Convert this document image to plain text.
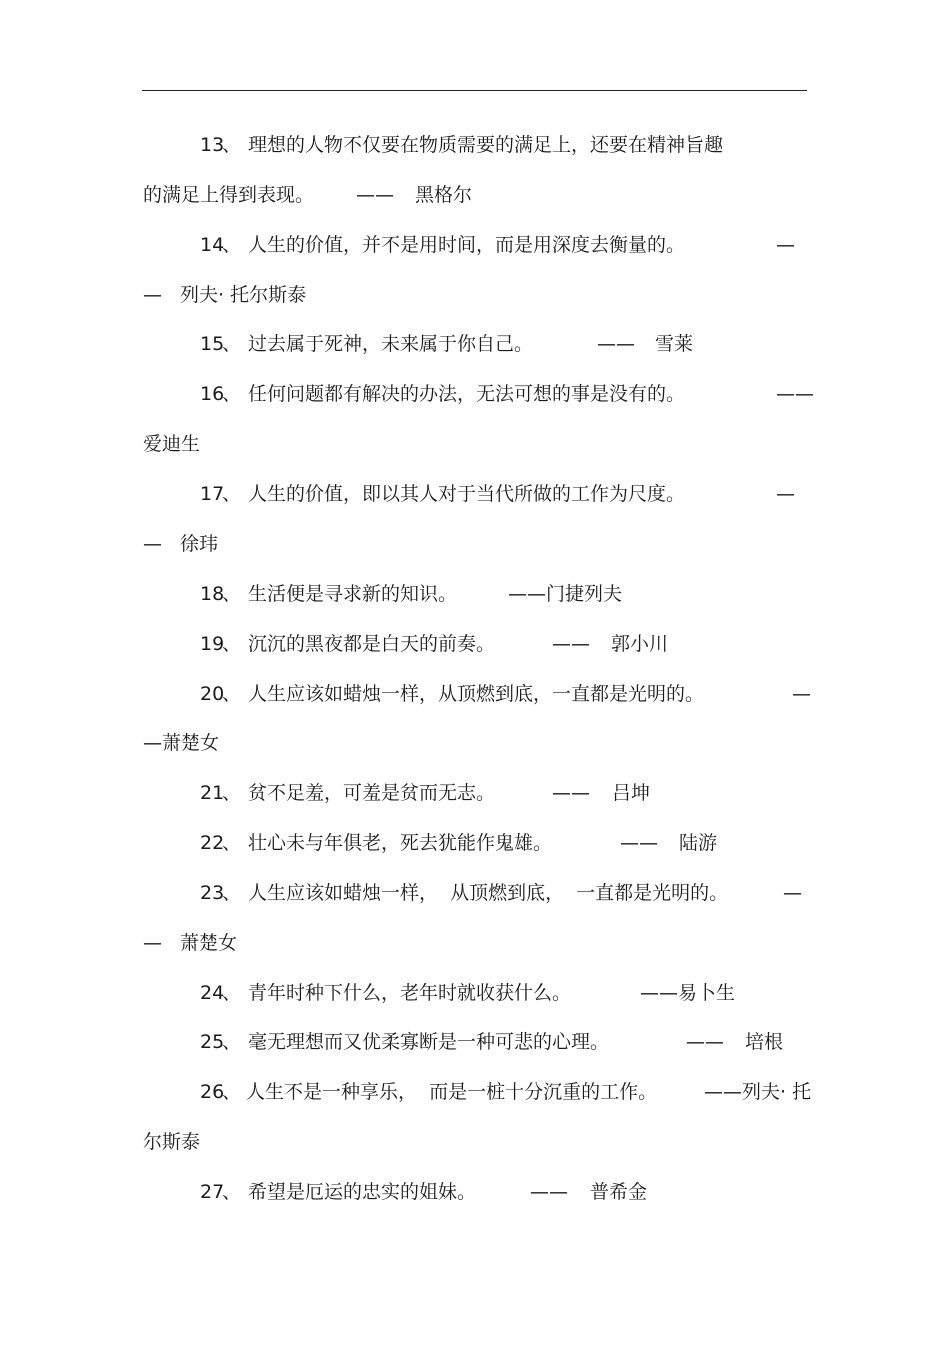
13

、

理想的人物不仅要在物质需要的满足上，还要在精神旨趣

的满足上得到表现。

——

黑格尔

14

、

人生的价值，并不是用时间，而是用深度去衡量的。

	—

—

列夫· 托尔斯泰

15

、

过去属于死神，未来属于你自己。

	——

雪莱

16

、

任何问题都有解决的办法，无法可想的事是没有的。

	——

爱迪生

17

、

人生的价值，即以其人对于当代所做的工作为尺度。

	—

—

徐玮

18

、

生活便是寻求新的知识。

	——门捷列夫

19

、

沉沉的黑夜都是白天的前奏。

	——

郭小川

20

、

人生应该如蜡烛一样，从顶燃到底，一直都是光明的。

	—

—萧楚女

21

、

贫不足羞，可羞是贫而无志。

	——

吕坤

22

、

壮心未与年俱老，死去犹能作鬼雄。

	——

陆游

23

、

人生应该如蜡烛一样，  从顶燃到底，  一直都是光明的。

	—

—

萧楚女

24

、

青年时种下什么，老年时就收获什么。

	——易卜生

25

、

毫无理想而又优柔寡断是一种可悲的心理。

	——

培根

26

、

人生不是一种享乐，  而是一桩十分沉重的工作。

——列夫· 托

尔斯泰

27

、

希望是厄运的忠实的姐妹。

	——

普希金
